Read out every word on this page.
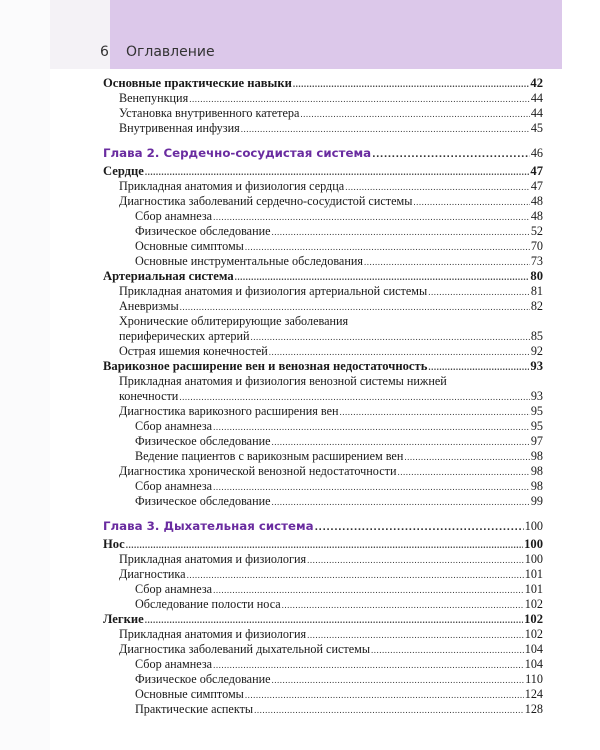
6 Оглавление
Основные практические навыки .....	42
Венепункция .....	44
Установка внутривенного катетера .....	44
Внутривенная инфузия .....	45
Глава 2. Сердечно-сосудистая система .....	46
Сердце .....	47
Прикладная анатомия и физиология сердца .....	47
Диагностика заболеваний сердечно-сосудистой системы .....	48
Сбор анамнеза .....	48
Физическое обследование .....	52
Основные симптомы .....	70
Основные инструментальные обследования .....	73
Артериальная система .....	80
Прикладная анатомия и физиология артериальной системы .....	81
Аневризмы .....	82
Хронические облитерирующие заболевания
периферических артерий .....	85
Острая ишемия конечностей .....	92
Варикозное расширение вен и венозная недостаточность .....	93
Прикладная анатомия и физиология венозной системы нижней
конечности .....	93
Диагностика варикозного расширения вен .....	95
Сбор анамнеза .....	95
Физическое обследование .....	97
Ведение пациентов с варикозным расширением вен .....	98
Диагностика хронической венозной недостаточности .....	98
Сбор анамнеза .....	98
Физическое обследование .....	99
Глава 3. Дыхательная система .....	100
Нос .....	100
Прикладная анатомия и физиология .....	100
Диагностика .....	101
Сбор анамнеза .....	101
Обследование полости носа .....	102
Легкие .....	102
Прикладная анатомия и физиология .....	102
Диагностика заболеваний дыхательной системы .....	104
Сбор анамнеза .....	104
Физическое обследование .....	110
Основные симптомы .....	124
Практические аспекты .....	128
